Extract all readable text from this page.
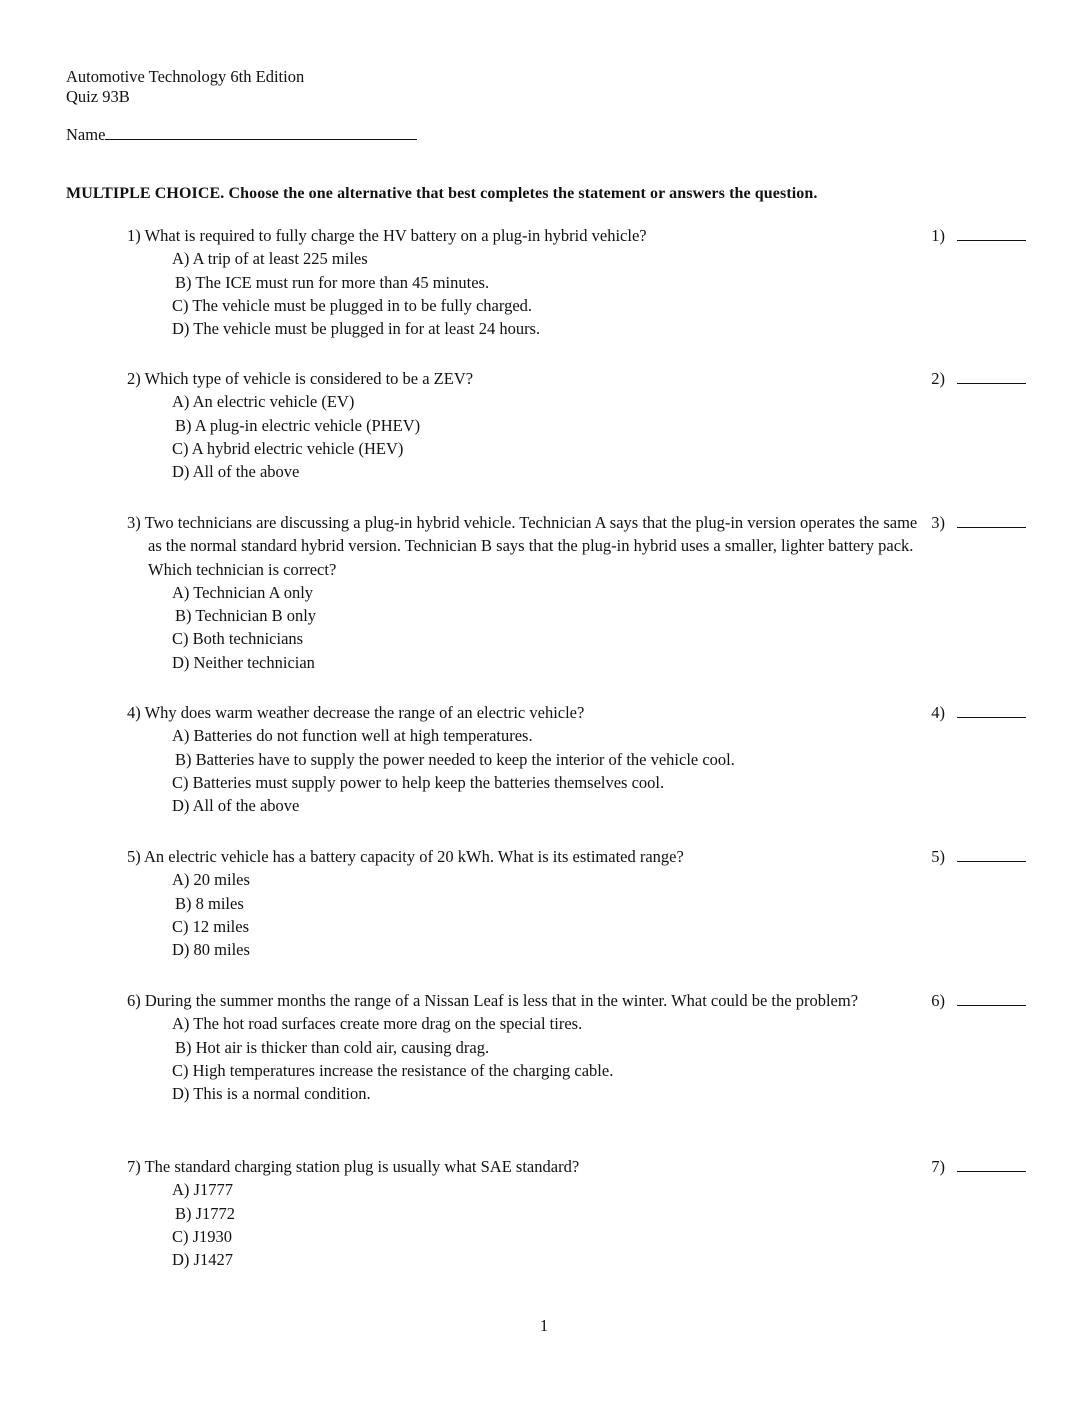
Automotive Technology 6th Edition
Quiz 93B
Name
MULTIPLE CHOICE. Choose the one alternative that best completes the statement or answers the question.
1) What is required to fully charge the HV battery on a plug-in hybrid vehicle?
A) A trip of at least 225 miles
B) The ICE must run for more than 45 minutes.
C) The vehicle must be plugged in to be fully charged.
D) The vehicle must be plugged in for at least 24 hours.
1)
2) Which type of vehicle is considered to be a ZEV?
A) An electric vehicle (EV)
B) A plug-in electric vehicle (PHEV)
C) A hybrid electric vehicle (HEV)
D) All of the above
2)
3) Two technicians are discussing a plug-in hybrid vehicle. Technician A says that the plug-in version operates the same as the normal standard hybrid version. Technician B says that the plug-in hybrid uses a smaller, lighter battery pack. Which technician is correct?
A) Technician A only
B) Technician B only
C) Both technicians
D) Neither technician
3)
4) Why does warm weather decrease the range of an electric vehicle?
A) Batteries do not function well at high temperatures.
B) Batteries have to supply the power needed to keep the interior of the vehicle cool.
C) Batteries must supply power to help keep the batteries themselves cool.
D) All of the above
4)
5) An electric vehicle has a battery capacity of 20 kWh. What is its estimated range?
A) 20 miles
B) 8 miles
C) 12 miles
D) 80 miles
5)
6) During the summer months the range of a Nissan Leaf is less that in the winter. What could be the problem?
A) The hot road surfaces create more drag on the special tires.
B) Hot air is thicker than cold air, causing drag.
C) High temperatures increase the resistance of the charging cable.
D) This is a normal condition.
6)
7) The standard charging station plug is usually what SAE standard?
A) J1777
B) J1772
C) J1930
D) J1427
7)
1
